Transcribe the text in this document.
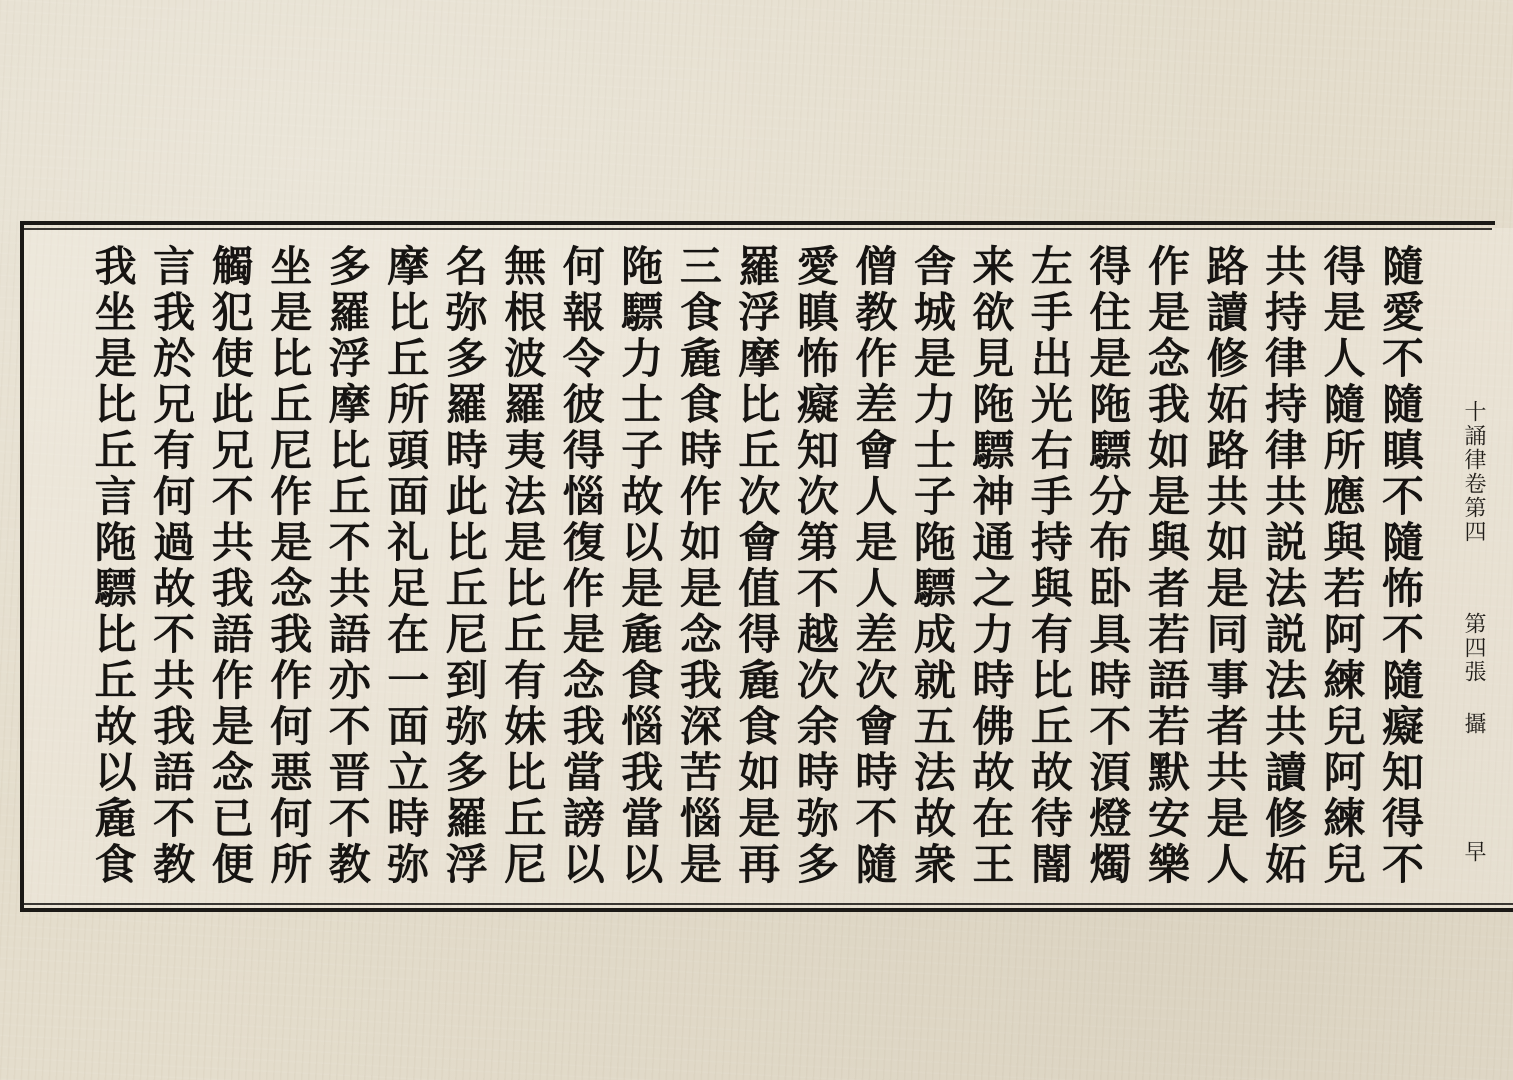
十誦律卷第四
第四張
攝
早
隨愛不隨瞋不隨怖不隨癡知得不
得是人隨所應與若阿練兒阿練兒
共持律持律共説法説法共讀修妬
路讀修妬路共如是同事者共是人
作是念我如是與者若語若默安樂
得住是陁驃分布卧具時不湏燈燭
左手出光右手持與有比丘故待闇
来欲見陁驃神通之力時佛故在王
舎城是力士子陁驃成就五法故衆
僧教作差會人是人差次會時不隨
愛瞋怖癡知次第不越次余時弥多
羅浮摩比丘次會值得麁食如是再
三食麁食時作如是念我深苦惱是
陁驃力士子故以是麁食惱我當以
何報令彼得惱復作是念我當謗以
無根波羅夷法是比丘有妹比丘尼
名弥多羅時此比丘尼到弥多羅浮
摩比丘所頭面礼足在一面立時弥
多羅浮摩比丘不共語亦不晋不教
坐是比丘尼作是念我作何悪何所
觸犯使此兄不共我語作是念已便
言我於兄有何過故不共我語不教
我坐是比丘言陁驃比丘故以麁食
